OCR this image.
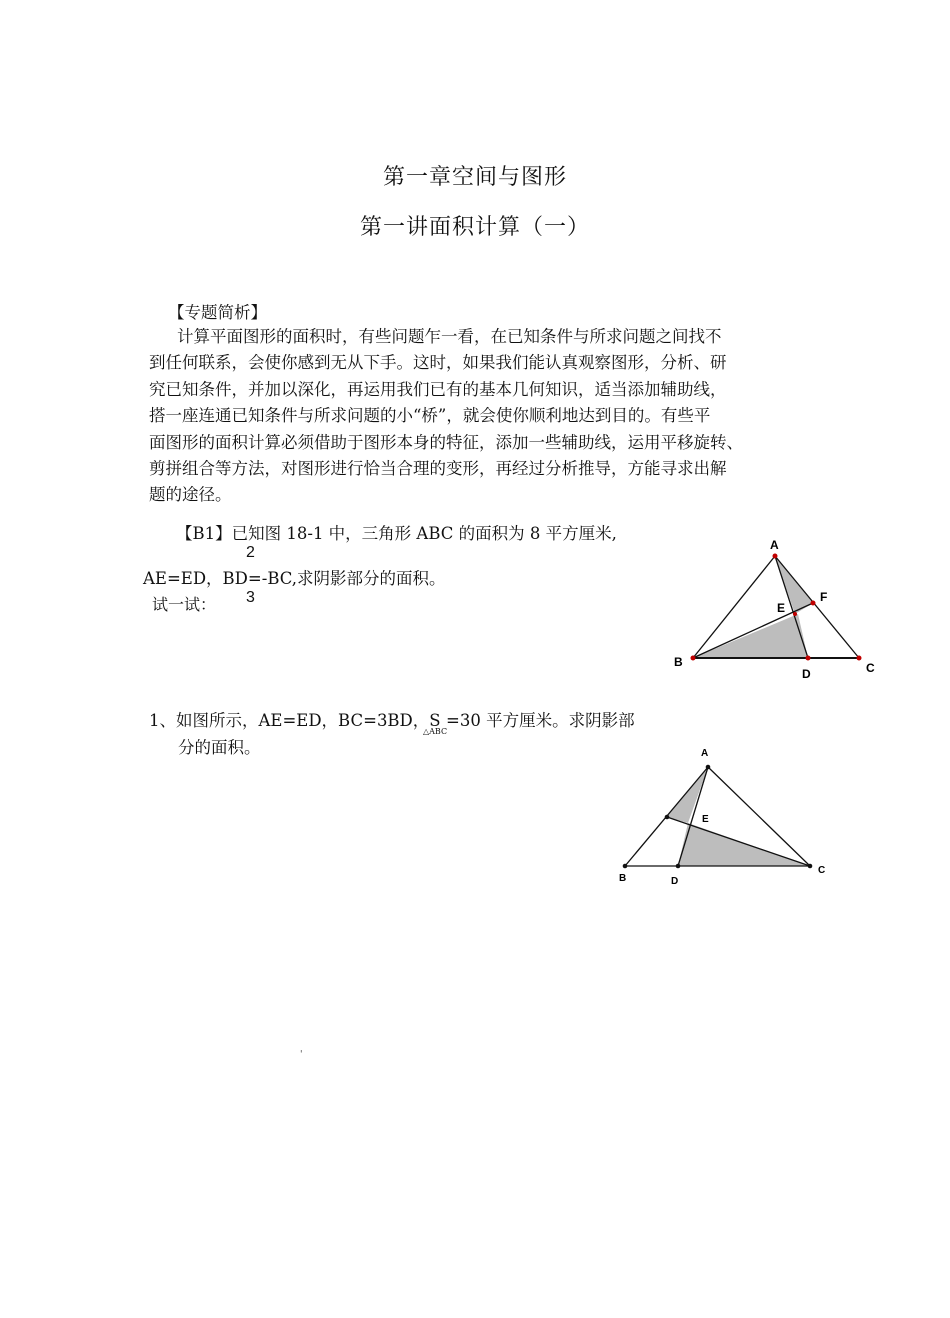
第一章空间与图形
第一讲面积计算（一）
【专题简析】
计算平面图形的面积时，有些问题乍一看，在已知条件与所求问题之间找不
到任何联系，会使你感到无从下手。这时，如果我们能认真观察图形，分析、研
究已知条件，并加以深化，再运用我们已有的基本几何知识，适当添加辅助线，
搭一座连通已知条件与所求问题的小“桥”，就会使你顺利地达到目的。有些平
面图形的面积计算必须借助于图形本身的特征，添加一些辅助线，运用平移旋转、
剪拼组合等方法，对图形进行恰当合理的变形，再经过分析推导，方能寻求出解
题的途径。
【B1】已知图 18-1 中，三角形 ABC 的面积为 8 平方厘米,
2
AE=ED，BD=-BC,求阴影部分的面积。
3
试一试：
A
B	C
D
E
F
1、如图所示，AE=ED，BC=3BD，S
△ABC
=30 平方厘米。求阴影部
分的面积。	A
B
C
D
E
'
